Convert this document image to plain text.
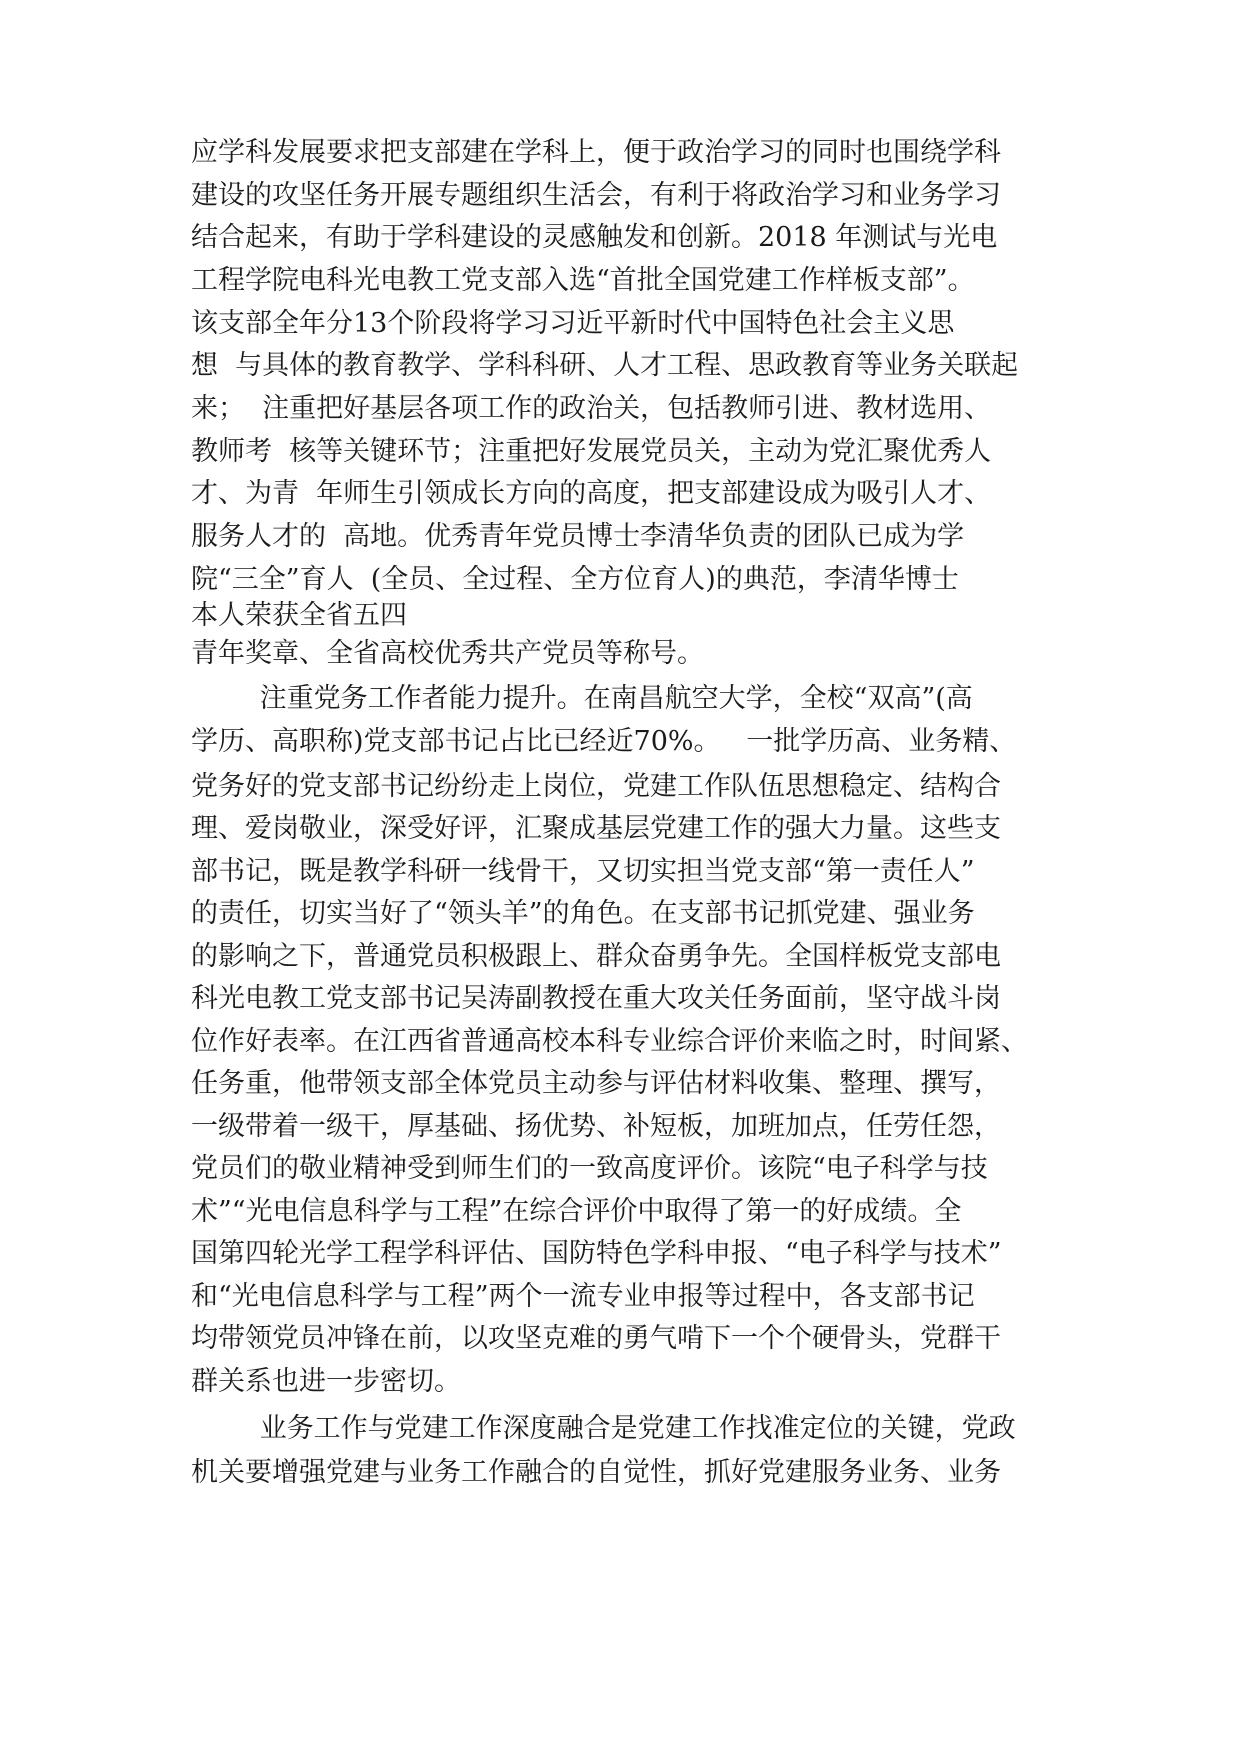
应学科发展要求把支部建在学科上，便于政治学习的同时也围绕学科
建设的攻坚任务开展专题组织生活会，有利于将政治学习和业务学习
结合起来，有助于学科建设的灵感触发和创新。2018 年测试与光电
工程学院电科光电教工党支部入选“首批全国党建工作样板支部”。
该支部全年分13个阶段将学习习近平新时代中国特色社会主义思
想  与具体的教育教学、学科科研、人才工程、思政教育等业务关联起
来；  注重把好基层各项工作的政治关，包括教师引进、教材选用、
教师考  核等关键环节；注重把好发展党员关，主动为党汇聚优秀人
才、为青  年师生引领成长方向的高度，把支部建设成为吸引人才、
服务人才的  高地。优秀青年党员博士李清华负责的团队已成为学
院“三全”育人  (全员、全过程、全方位育人)的典范，李清华博士
本人荣获全省五四
青年奖章、全省高校优秀共产党员等称号。
注重党务工作者能力提升。在南昌航空大学，全校“双高”(高
学历、高职称)党支部书记占比已经近70%。   一批学历高、业务精、
党务好的党支部书记纷纷走上岗位，党建工作队伍思想稳定、结构合
理、爱岗敬业，深受好评，汇聚成基层党建工作的强大力量。这些支
部书记，既是教学科研一线骨干，又切实担当党支部“第一责任人”
的责任，切实当好了“领头羊”的角色。在支部书记抓党建、强业务
的影响之下，普通党员积极跟上、群众奋勇争先。全国样板党支部电
科光电教工党支部书记吴涛副教授在重大攻关任务面前，坚守战斗岗
位作好表率。在江西省普通高校本科专业综合评价来临之时，时间紧、
任务重，他带领支部全体党员主动参与评估材料收集、整理、撰写，
一级带着一级干，厚基础、扬优势、补短板，加班加点，任劳任怨，
党员们的敬业精神受到师生们的一致高度评价。该院“电子科学与技
术”“光电信息科学与工程”在综合评价中取得了第一的好成绩。全
国第四轮光学工程学科评估、国防特色学科申报、“电子科学与技术”
和“光电信息科学与工程”两个一流专业申报等过程中，各支部书记
均带领党员冲锋在前，以攻坚克难的勇气啃下一个个硬骨头，党群干
群关系也进一步密切。
业务工作与党建工作深度融合是党建工作找准定位的关键，党政
机关要增强党建与业务工作融合的自觉性，抓好党建服务业务、业务
